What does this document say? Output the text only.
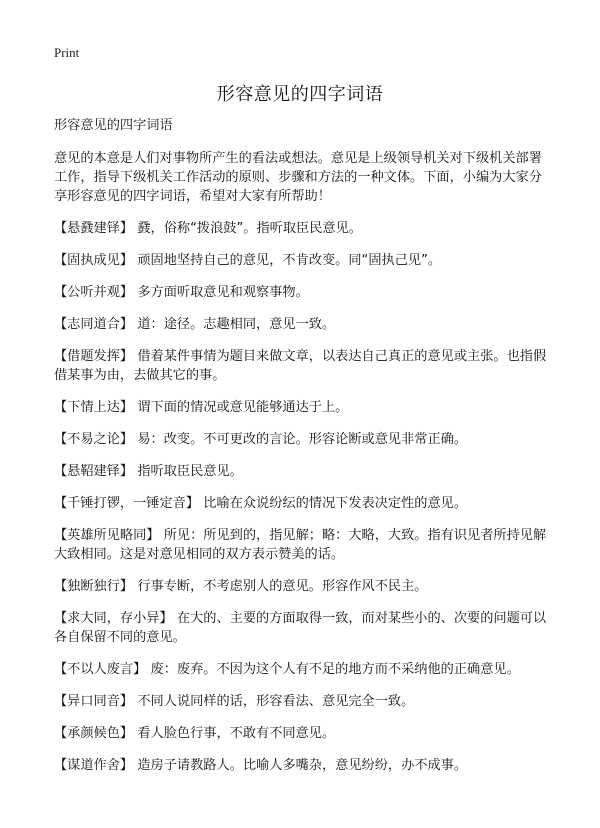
Print
形容意见的四字词语

形容意见的四字词语

意见的本意是人们对事物所产生的看法或想法。意见是上级领导机关对下级机关部署工作，指导下级机关工作活动的原则、步骤和方法的一种文体。下面，小编为大家分享形容意见的四字词语，希望对大家有所帮助！

【悬鼗建铎】 鼗，俗称“拨浪鼓”。指听取臣民意见。

【固执成见】 顽固地坚持自己的意见，不肯改变。同“固执己见”。

【公听并观】 多方面听取意见和观察事物。

【志同道合】 道：途径。志趣相同，意见一致。

【借题发挥】 借着某件事情为题目来做文章，以表达自己真正的意见或主张。也指假借某事为由，去做其它的事。

【下情上达】 谓下面的情况或意见能够通达于上。

【不易之论】 易：改变。不可更改的言论。形容论断或意见非常正确。

【悬鞀建铎】 指听取臣民意见。

【千锤打锣，一锤定音】 比喻在众说纷纭的情况下发表决定性的意见。

【英雄所见略同】 所见：所见到的，指见解；略：大略，大致。指有识见者所持见解大致相同。这是对意见相同的双方表示赞美的话。

【独断独行】 行事专断，不考虑别人的意见。形容作风不民主。

【求大同，存小异】 在大的、主要的方面取得一致，而对某些小的、次要的问题可以各自保留不同的意见。

【不以人废言】 废：废弃。不因为这个人有不足的地方而不采纳他的正确意见。

【异口同音】 不同人说同样的话，形容看法、意见完全一致。

【承颜候色】 看人脸色行事，不敢有不同意见。

【谋道作舍】 造房子请教路人。比喻人多嘴杂，意见纷纷，办不成事。
